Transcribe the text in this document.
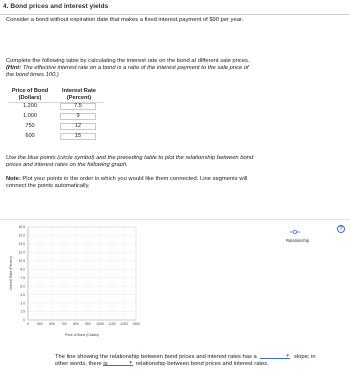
4. Bond prices and interest yields
Consider a bond without expiration date that makes a fixed interest payment of $90 per year.
Complete the following table by calculating the interest rate on the bond at different sale prices.
(Hint: The effective interest rate on a bond is a ratio of the interest payment to the sale price of
the bond times 100.)
Price of Bond
(Dollars)
Interest Rate
(Percent)
1,200	7.5
1,000	9
750	12
600	15
Use the blue points (circle symbol) and the preceding table to plot the relationship between bond
prices and interest rates on the following graph.
Note: Plot your points in the order in which you would like them connected. Line segments will
connect the points automatically.
?
0 500 600 700 800 900 1000 1100 1200 1300
0
1.5
3.0
4.5
6.0
7.5
9.0
10.5
12.0
13.5
15.0
16.5
Price of Bond (Dollars)
Interest Rate (Percent)
Relationship
The line showing the relationship between bond prices and interest rates has a	▼ slope; in
other words, there is	▼ relationship between bond prices and interest rates.
